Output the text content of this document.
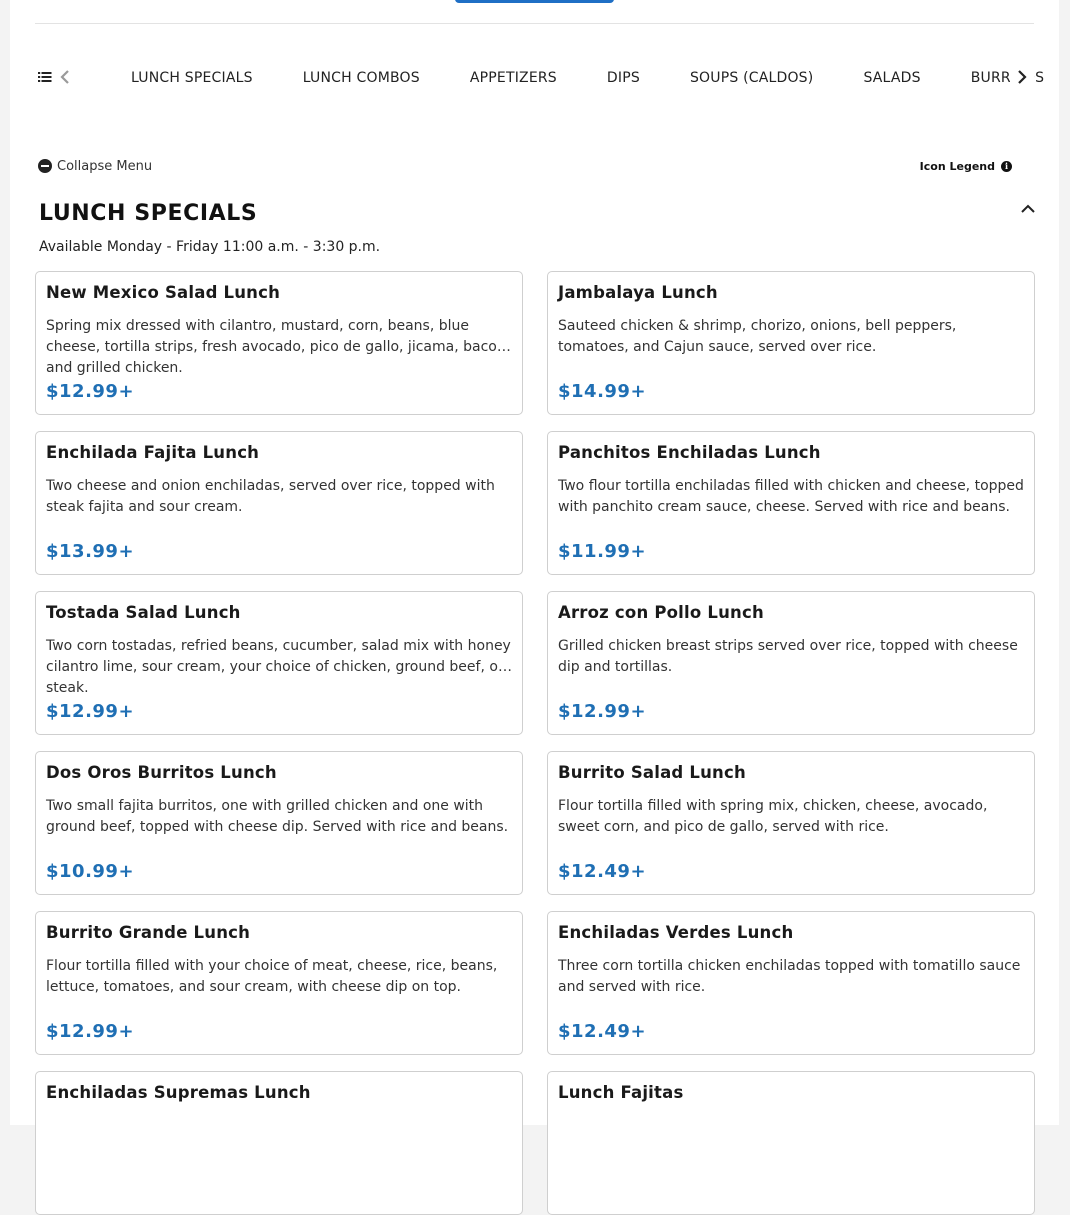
LUNCH SPECIALS	LUNCH COMBOS	APPETIZERS	DIPS	SOUPS (CALDOS)	SALADS	BURRITOS
Collapse Menu	Icon Legend	i
LUNCH SPECIALS

Available Monday - Friday 11:00 a.m. - 3:30 p.m.

New Mexico Salad Lunch
Spring mix dressed with cilantro, mustard, corn, beans, blue cheese, tortilla strips, fresh avocado, pico de gallo, jicama, bacon and grilled chicken.
$12.99+
Jambalaya Lunch
Sauteed chicken & shrimp, chorizo, onions, bell peppers, tomatoes, and Cajun sauce, served over rice.
$14.99+
Enchilada Fajita Lunch
Two cheese and onion enchiladas, served over rice, topped with steak fajita and sour cream.
$13.99+
Panchitos Enchiladas Lunch
Two flour tortilla enchiladas filled with chicken and cheese, topped with panchito cream sauce, cheese. Served with rice and beans.
$11.99+
Tostada Salad Lunch
Two corn tostadas, refried beans, cucumber, salad mix with honey cilantro lime, sour cream, your choice of chicken, ground beef, or steak.
$12.99+
Arroz con Pollo Lunch
Grilled chicken breast strips served over rice, topped with cheese dip and tortillas.
$12.99+
Dos Oros Burritos Lunch
Two small fajita burritos, one with grilled chicken and one with ground beef, topped with cheese dip. Served with rice and beans.
$10.99+
Burrito Salad Lunch
Flour tortilla filled with spring mix, chicken, cheese, avocado, sweet corn, and pico de gallo, served with rice.
$12.49+
Burrito Grande Lunch
Flour tortilla filled with your choice of meat, cheese, rice, beans, lettuce, tomatoes, and sour cream, with cheese dip on top.
$12.99+
Enchiladas Verdes Lunch
Three corn tortilla chicken enchiladas topped with tomatillo sauce and served with rice.
$12.49+
Enchiladas Supremas Lunch	Lunch Fajitas
